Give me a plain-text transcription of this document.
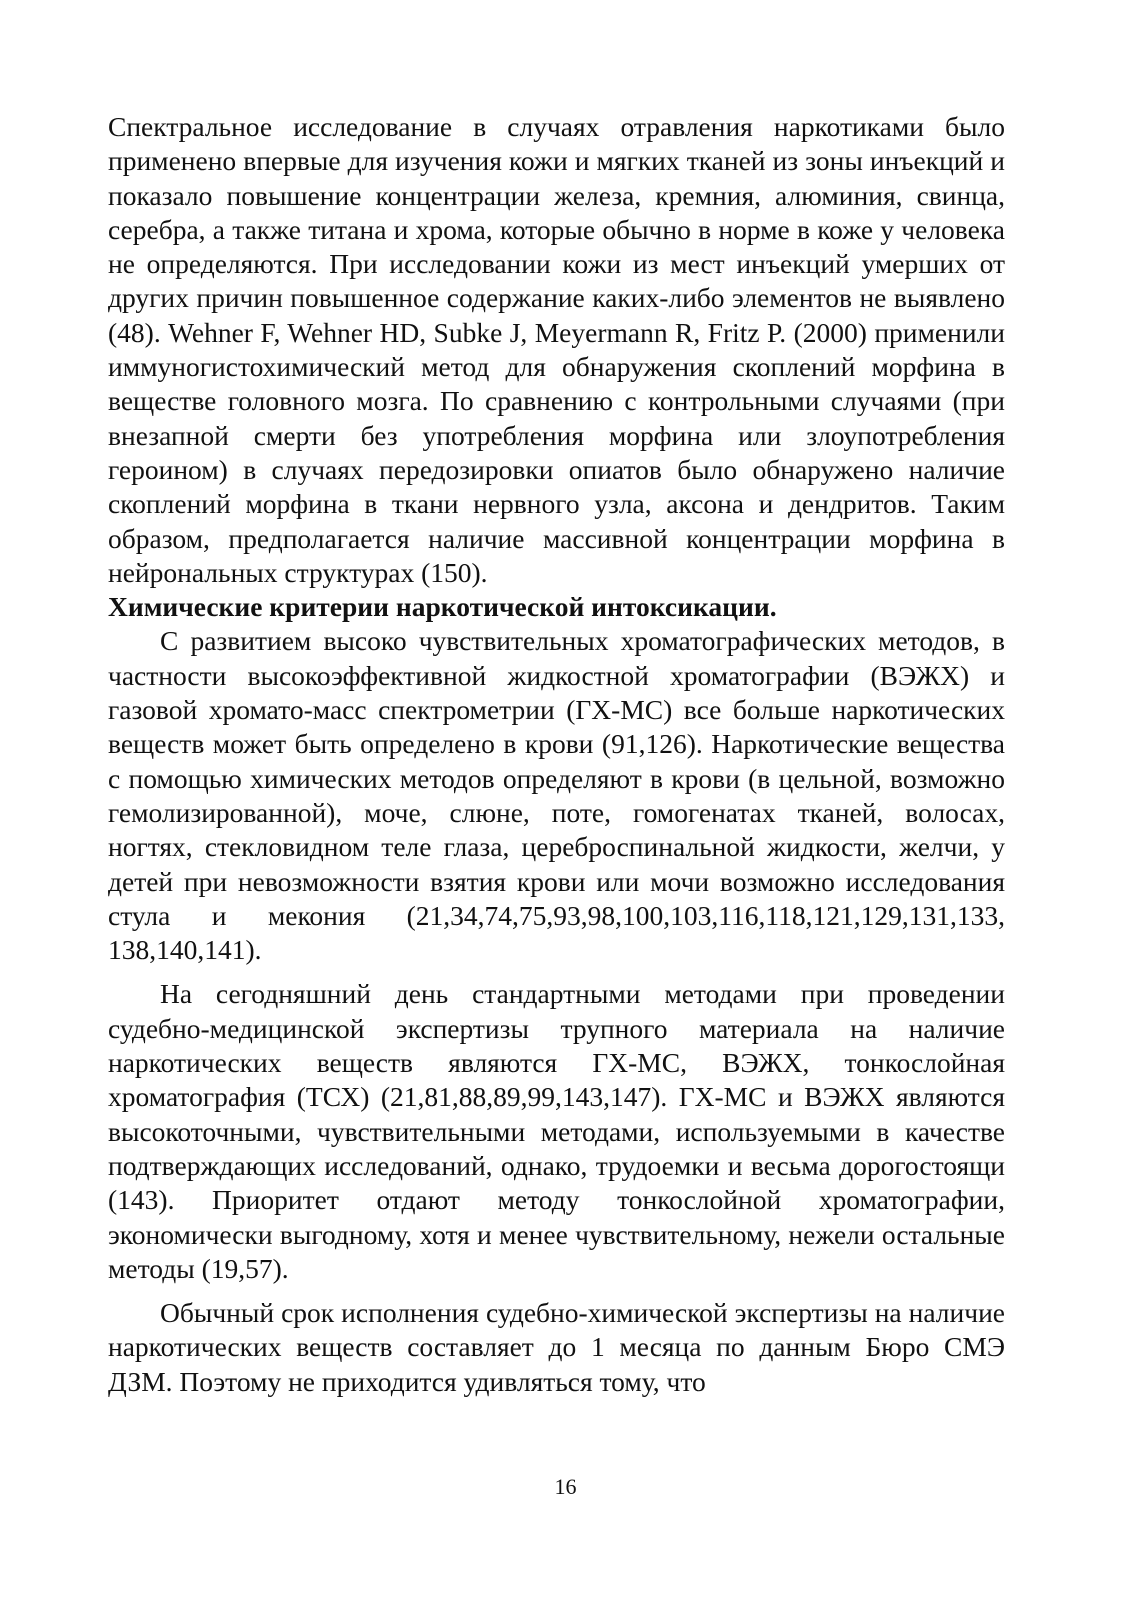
Спектральное исследование в случаях отравления наркотиками было применено впервые для изучения кожи и мягких тканей из зоны инъекций и показало повышение концентрации железа, кремния, алюминия, свинца, серебра, а также титана и хрома, которые обычно в норме в коже у человека не определяются. При исследовании кожи из мест инъекций умерших от других причин повышенное содержание каких-либо элементов не выявлено (48). Wehner F, Wehner HD, Subke J, Meyermann R, Fritz P. (2000) применили иммуногистохимический метод для обнаружения скоплений морфина в веществе головного мозга. По сравнению с контрольными случаями (при внезапной смерти без употребления морфина или злоупотребления героином) в случаях передозировки опиатов было обнаружено наличие скоплений морфина в ткани нервного узла, аксона и дендритов. Таким образом, предполагается наличие массивной концентрации морфина в нейрональных структурах (150).

Химические критерии наркотической интоксикации.

С развитием высоко чувствительных хроматографических методов, в частности высокоэффективной жидкостной хроматографии (ВЭЖХ) и газовой хромато-масс спектрометрии (ГХ-МС) все больше наркотических веществ может быть определено в крови (91,126). Наркотические вещества с помощью химических методов определяют в крови (в цельной, возможно гемолизированной), моче, слюне, поте, гомогенатах тканей, волосах, ногтях, стекловидном теле глаза, цереброспинальной жидкости, желчи, у детей при невозможности взятия крови или мочи возможно исследования стула и мекония (21,34,74,75,93,98,100,103,116,118,121,129,131,133, 138,140,141).

На сегодняшний день стандартными методами при проведении судебно-медицинской экспертизы трупного материала на наличие наркотических веществ являются ГХ-МС, ВЭЖХ, тонкослойная хроматография (ТСХ) (21,81,88,89,99,143,147). ГХ-МС и ВЭЖХ являются высокоточными, чувствительными методами, используемыми в качестве подтверждающих исследований, однако, трудоемки и весьма дорогостоящи (143). Приоритет отдают методу тонкослойной хроматографии, экономически выгодному, хотя и менее чувствительному, нежели остальные методы (19,57).

Обычный срок исполнения судебно-химической экспертизы на наличие наркотических веществ составляет до 1 месяца по данным Бюро СМЭ ДЗМ. Поэтому не приходится удивляться тому, что

16
